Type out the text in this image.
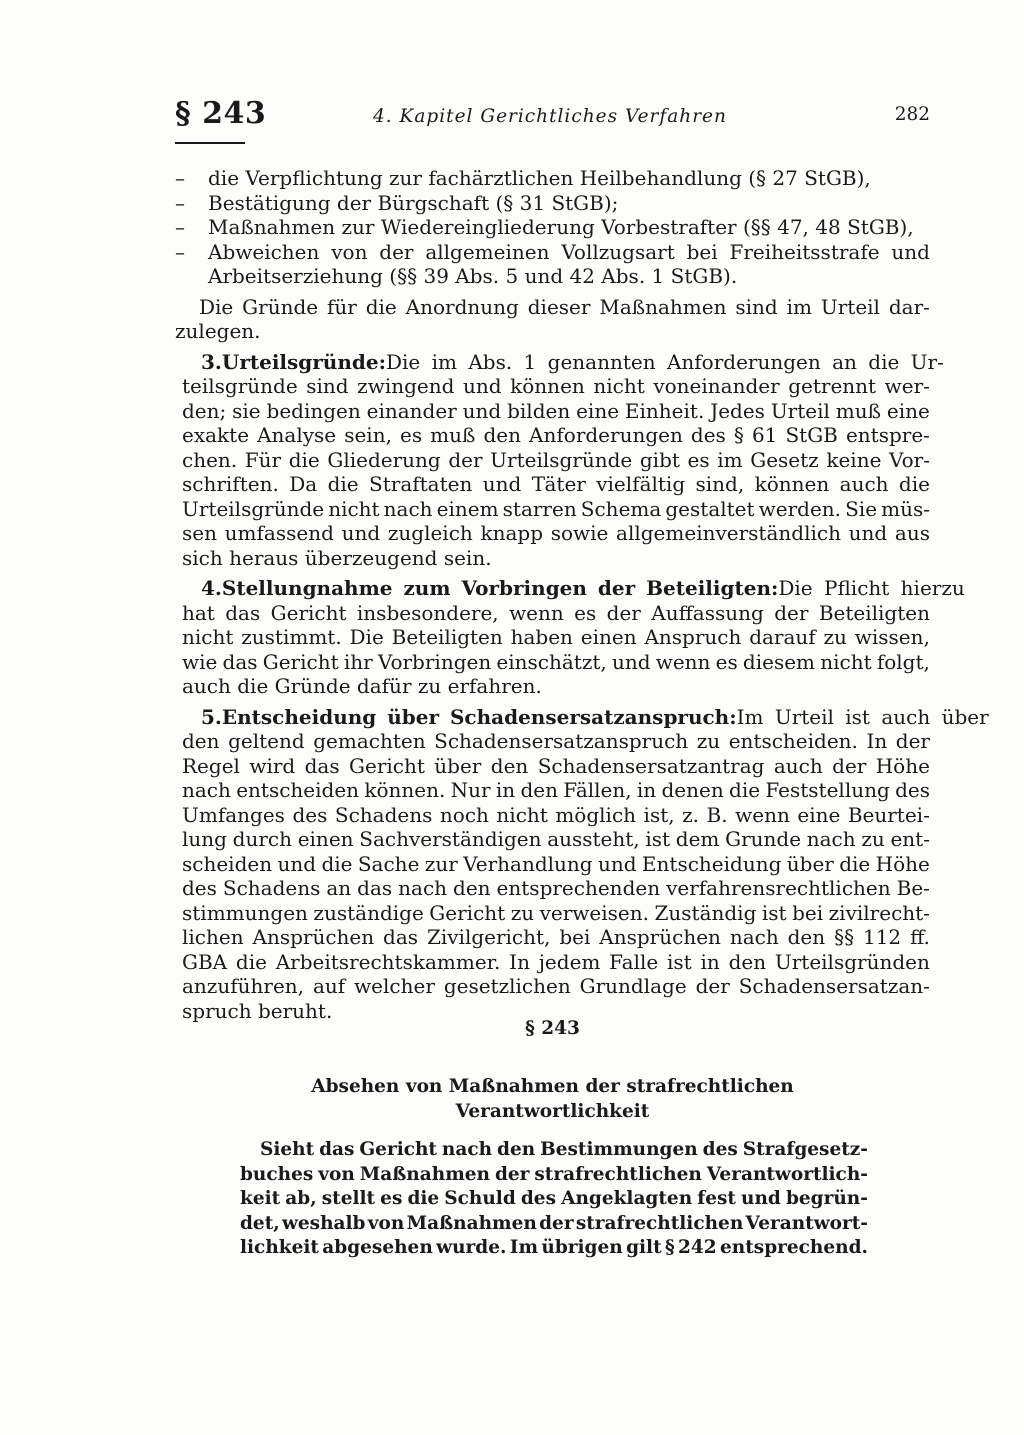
§ 243	4. Kapitel Gerichtliches Verfahren	282
– die Verpflichtung zur fachärztlichen Heilbehandlung (§ 27 StGB),
– Bestätigung der Bürgschaft (§ 31 StGB);
– Maßnahmen zur Wiedereingliederung Vorbestrafter (§§ 47, 48 StGB),
– Abweichen von der allgemeinen Vollzugsart bei Freiheitsstrafe und
Arbeitserziehung (§§ 39 Abs. 5 und 42 Abs. 1 StGB).
Die Gründe für die Anordnung dieser Maßnahmen sind im Urteil dar-
zulegen.
3. Urteilsgründe: Die im Abs. 1 genannten Anforderungen an die Ur-
teilsgründe sind zwingend und können nicht voneinander getrennt wer-
den; sie bedingen einander und bilden eine Einheit. Jedes Urteil muß eine
exakte Analyse sein, es muß den Anforderungen des § 61 StGB entspre-
chen. Für die Gliederung der Urteilsgründe gibt es im Gesetz keine Vor-
schriften. Da die Straftaten und Täter vielfältig sind, können auch die
Urteilsgründe nicht nach einem starren Schema gestaltet werden. Sie müs-
sen umfassend und zugleich knapp sowie allgemeinverständlich und aus
sich heraus überzeugend sein.
4. Stellungnahme zum Vorbringen der Beteiligten: Die Pflicht hierzu
hat das Gericht insbesondere, wenn es der Auffassung der Beteiligten
nicht zustimmt. Die Beteiligten haben einen Anspruch darauf zu wissen,
wie das Gericht ihr Vorbringen einschätzt, und wenn es diesem nicht folgt,
auch die Gründe dafür zu erfahren.
5. Entscheidung über Schadensersatzanspruch: Im Urteil ist auch über
den geltend gemachten Schadensersatzanspruch zu entscheiden. In der
Regel wird das Gericht über den Schadensersatzantrag auch der Höhe
nach entscheiden können. Nur in den Fällen, in denen die Feststellung des
Umfanges des Schadens noch nicht möglich ist, z. B. wenn eine Beurtei-
lung durch einen Sachverständigen aussteht, ist dem Grunde nach zu ent-
scheiden und die Sache zur Verhandlung und Entscheidung über die Höhe
des Schadens an das nach den entsprechenden verfahrensrechtlichen Be-
stimmungen zuständige Gericht zu verweisen. Zuständig ist bei zivilrecht-
lichen Ansprüchen das Zivilgericht, bei Ansprüchen nach den §§ 112 ff.
GBA die Arbeitsrechtskammer. In jedem Falle ist in den Urteilsgründen
anzuführen, auf welcher gesetzlichen Grundlage der Schadensersatzan-
spruch beruht.
§ 243
Absehen von Maßnahmen der strafrechtlichen
Verantwortlichkeit
Sieht das Gericht nach den Bestimmungen des Strafgesetz-
buches von Maßnahmen der strafrechtlichen Verantwortlich-
keit ab, stellt es die Schuld des Angeklagten fest und begrün-
det, weshalb von Maßnahmen der strafrechtlichen Verantwort-
lichkeit abgesehen wurde. Im übrigen gilt § 242 entsprechend.
